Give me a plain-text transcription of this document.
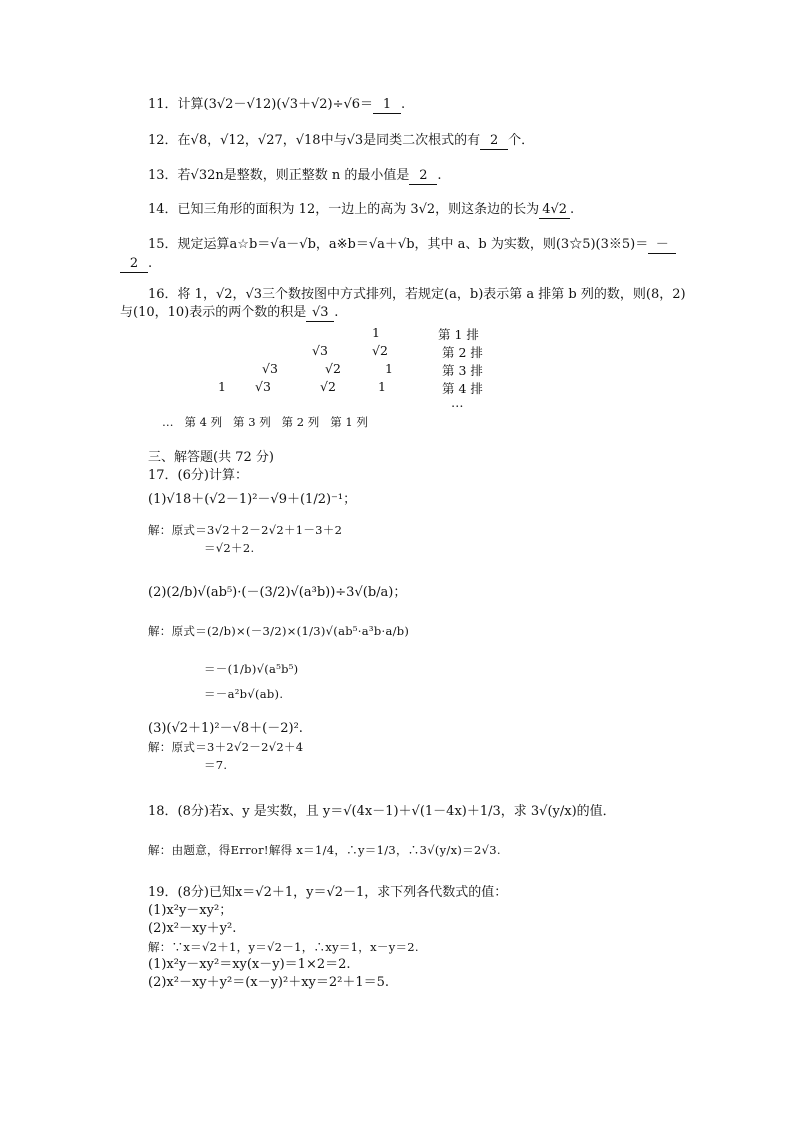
11．计算(3√2－√12)(√3＋√2)÷√6＝ 1 .
12．在√8，√12，√27，√18中与√3是同类二次根式的有 2 个．
13．若√32n是整数，则正整数 n 的最小值是 2 .
14．已知三角形的面积为 12，一边上的高为 3√2，则这条边的长为 4√2 .
15．规定运算a☆b＝√a－√b，a※b＝√a＋√b，其中 a、b 为实数，则(3☆5)(3※5)＝ －
2 .
16．将 1，√2，√3三个数按图中方式排列，若规定(a，b)表示第 a 排第 b 列的数，则(8，2)
与(10，10)表示的两个数的积是 √3 .
1	第 1 排
√3	√2	第 2 排
√3	√2	1	第 3 排
1 √3	√2	1	第 4 排
…
…   第 4 列   第 3 列   第 2 列   第 1 列
三、解答题(共 72 分)
17．(6分)计算：
(1)√18＋(√2－1)²－√9＋(1/2)⁻¹；
解：原式＝3√2＋2－2√2＋1－3＋2
＝√2＋2.
(2)(2/b)√(ab⁵)·(－(3/2)√(a³b))÷3√(b/a)；
解：原式＝(2/b)×(－3/2)×(1/3)√(ab⁵·a³b·a/b)
＝－(1/b)√(a⁵b⁵)
＝－a²b√(ab).
(3)(√2＋1)²－√8＋(－2)².
解：原式＝3＋2√2－2√2＋4
＝7.
18．(8分)若x、y 是实数，且 y＝√(4x－1)＋√(1－4x)＋1/3，求 3√(y/x)的值．
解：由题意，得Error!解得 x＝1/4，∴y＝1/3，∴3√(y/x)＝2√3.
19．(8分)已知x＝√2＋1，y＝√2－1，求下列各代数式的值：
(1)x²y－xy²；
(2)x²－xy＋y².
解：∵x＝√2＋1，y＝√2－1，∴xy＝1，x－y＝2.
(1)x²y－xy²＝xy(x－y)＝1×2＝2.
(2)x²－xy＋y²＝(x－y)²＋xy＝2²＋1＝5.
